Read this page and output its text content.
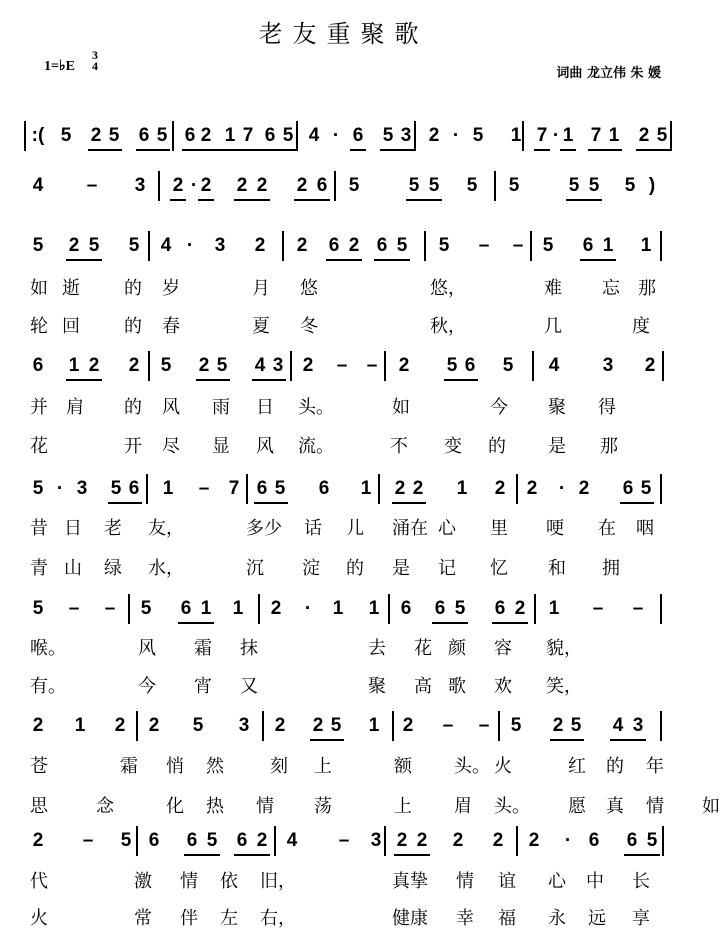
老友重聚歌
1=♭E
3
4	词曲 龙立伟 朱 媛
:( 5 2 5 6 5 6 2 1 7 6 5 4 · 6 5 3 2 · 5 1 7 · 1 7 1 2 5
4 – 3 2 · 2 2 2 2 6 5	5 5 5 5	5 5 5 )
5 2 5 5 4 ·	3 2 2 6 2 6 5 5 – – 5 6 1 1
如 逝 的 岁	月 悠	悠，	难 忘 那
轮 回 的 春	夏 冬	秋，	几	度
6 1 2 2 5 2 5 4 3 2 – – 2 5 6 5 4 3 2
并 肩 的 风 雨 日 头。	如	今 聚 得
花	开 尽 显 风 流。	不 变 的 是 那
5 · 3 5 6 1 – 7 6 5 6 1 2 2 1 2 2	· 2 6 5
昔 日 老 友，	多少 话 儿 涌在 心 里 哽 在 咽
青 山 绿 水，	沉 淀 的 是 记 忆 和 拥
5 – – 5 6 1 1 2	·	1 1 6 6 5 6 2 1 – –
喉。	风 霜 抹	去 花 颜 容 貌，
有。	今 宵 又	聚 高 歌 欢 笑，
2 1 2 2 5 3 2 2 5 1 2 – – 5 2 5 4 3
苍	霜 悄 然	刻 上	额 头。 火	红 的 年
思	念	化 热 情 荡	上 眉 头。 愿 真 情 如
2 – 5 6 6 5 6 2 4 – 3 2 2 2 2 2	· 6 6 5
代	激 情 依 旧，	真挚 情 谊 心 中 长
火	常 伴 左 右，	健康 幸 福 永 远 享
